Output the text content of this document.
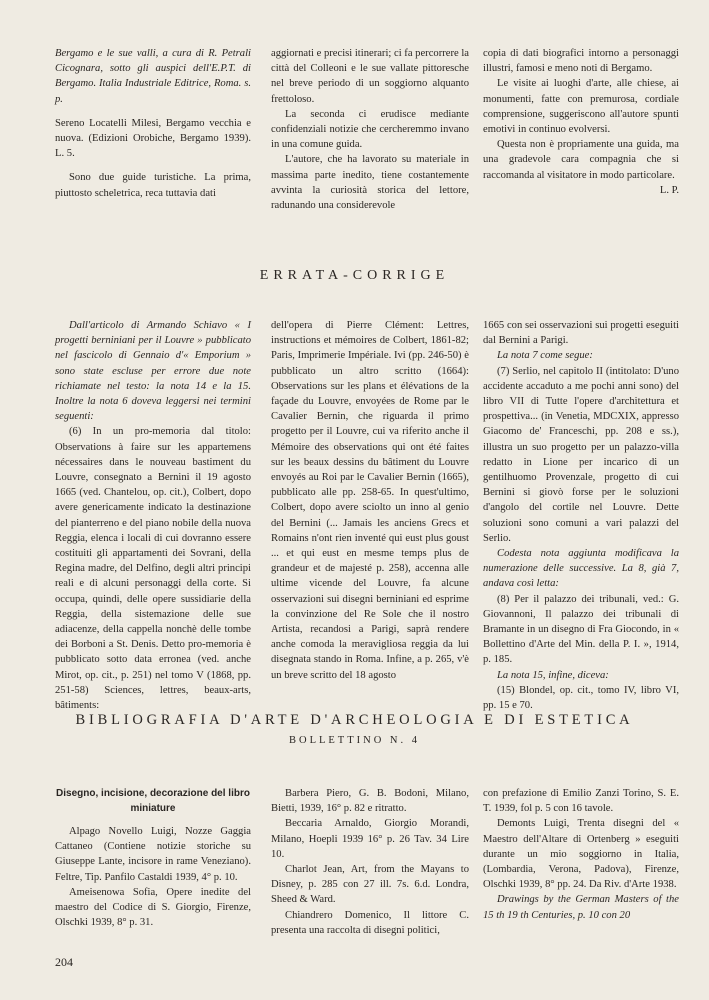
Bergamo e le sue valli, a cura di R. Petrali Cicognara, sotto gli auspici dell'E.P.T. di Bergamo. Italia Industriale Editrice, Roma. s. p.

Sereno Locatelli Milesi, Bergamo vecchia e nuova. (Edizioni Orobiche, Bergamo 1939). L. 5.

Sono due guide turistiche. La prima, piuttosto scheletrica, reca tuttavia dati

aggiornati e precisi itinerari; ci fa percorrere la città del Colleoni e le sue vallate pittoresche nel breve periodo di un soggiorno alquanto frettoloso.

La seconda ci erudisce mediante confidenziali notizie che cercheremmo invano in una comune guida.

L'autore, che ha lavorato su materiale in massima parte inedito, tiene costantemente avvinta la curiosità storica del lettore, radunando una considerevole

copia di dati biografici intorno a personaggi illustri, famosi e meno noti di Bergamo.

Le visite ai luoghi d'arte, alle chiese, ai monumenti, fatte con premurosa, cordiale comprensione, suggeriscono all'autore spunti emotivi in continuo evolversi.

Questa non è propriamente una guida, ma una gradevole cara compagnia che si raccomanda al visitatore in modo particolare.

L. P.

ERRATA-CORRIGE

Dall'articolo di Armando Schiavo « I progetti berniniani per il Louvre » pubblicato nel fascicolo di Gennaio d'« Emporium » sono state escluse per errore due note richiamate nel testo: la nota 14 e la 15. Inoltre la nota 6 doveva leggersi nei termini seguenti:

(6) In un pro-memoria dal titolo: Observations à faire sur les appartemens nécessaires dans le nouveau bastiment du Louvre, consegnato a Bernini il 19 agosto 1665 (ved. Chantelou, op. cit.), Colbert, dopo avere genericamente indicato la destinazione del pianterreno e del piano nobile della nuova Reggia, elenca i locali di cui dovranno essere costituiti gli appartamenti dei Sovrani, della Regina madre, del Delfino, degli altri principi reali e di alcuni personaggi della corte. Si occupa, quindi, delle opere sussidiarie della Reggia, della sistemazione delle sue adiacenze, della cappella nonchè delle tombe dei Borboni a St. Denis. Detto pro-memoria è pubblicato sotto data erronea (ved. anche Mirot, op. cit., p. 251) nel tomo V (1868, pp. 251-58) Sciences, lettres, beaux-arts, bâtiments:

dell'opera di Pierre Clément: Lettres, instructions et mémoires de Colbert, 1861-82; Paris, Imprimerie Impériale. Ivi (pp. 246-50) è pubblicato un altro scritto (1664): Observations sur les plans et élévations de la façade du Louvre, envoyées de Rome par le Cavalier Bernin, che riguarda il primo progetto per il Louvre, cui va riferito anche il Mémoire des observations qui ont été faites sur les beaux dessins du bâtiment du Louvre envoyés au Roi par le Cavalier Bernin (1665), pubblicato alle pp. 258-65. In quest'ultimo, Colbert, dopo avere sciolto un inno al genio del Bernini (... Jamais les anciens Grecs et Romains n'ont rien inventé qui eust plus goust ... et qui eust en mesme temps plus de grandeur et de majesté p. 258), accenna alle ultime vicende del Louvre, fa alcune osservazioni sui disegni berniniani ed esprime la convinzione del Re Sole che il nostro Artista, recandosi a Parigi, saprà rendere anche comoda la meravigliosa reggia da lui disegnata stando in Roma. Infine, a p. 265, v'è un breve scritto del 18 agosto

1665 con sei osservazioni sui progetti eseguiti dal Bernini a Parigi.

La nota 7 come segue:

(7) Serlio, nel capitolo II (intitolato: D'uno accidente accaduto a me pochi anni sono) del libro VII di Tutte l'opere d'architettura et prospettiva... (in Venetia, MDCXIX, appresso Giacomo de' Franceschi, pp. 208 e ss.), illustra un suo progetto per un palazzo-villa redatto in Lione per incarico di un gentilhuomo Provenzale, progetto di cui Bernini si giovò forse per le soluzioni d'angolo del cortile nel Louvre. Dette soluzioni sono comuni a vari palazzi del Serlio.

Codesta nota aggiunta modificava la numerazione delle successive. La 8, già 7, andava così letta:

(8) Per il palazzo dei tribunali, ved.: G. Giovannoni, Il palazzo dei tribunali di Bramante in un disegno di Fra Giocondo, in « Bollettino d'Arte del Min. della P. I. », 1914, p. 185.

La nota 15, infine, diceva:

(15) Blondel, op. cit., tomo IV, libro VI, pp. 15 e 70.

BIBLIOGRAFIA D'ARTE D'ARCHEOLOGIA E DI ESTETICA
BOLLETTINO N. 4

Disegno, incisione, decorazione del libro miniature

Alpago Novello Luigi, Nozze Gaggia Cattaneo (Contiene notizie storiche su Giuseppe Lante, incisore in rame Veneziano). Feltre, Tip. Panfilo Castaldi 1939, 4° p. 10.

Ameisenowa Sofia, Opere inedite del maestro del Codice di S. Giorgio, Firenze, Olschki 1939, 8° p. 31.

Barbera Piero, G. B. Bodoni, Milano, Bietti, 1939, 16° p. 82 e ritratto.

Beccaria Arnaldo, Giorgio Morandi, Milano, Hoepli 1939 16° p. 26 Tav. 34 Lire 10.

Charlot Jean, Art, from the Mayans to Disney, p. 285 con 27 ill. 7s. 6.d. Londra, Sheed & Ward.

Chiandrero Domenico, Il littore C. presenta una raccolta di disegni politici,

con prefazione di Emilio Zanzi Torino, S. E. T. 1939, fol p. 5 con 16 tavole.

Demonts Luigi, Trenta disegni del « Maestro dell'Altare di Ortenberg » eseguiti durante un mio soggiorno in Italia, (Lombardia, Verona, Padova), Firenze, Olschki 1939, 8° pp. 24. Da Riv. d'Arte 1938.

Drawings by the German Masters of the 15 th 19 th Centuries, p. 10 con 20

204
